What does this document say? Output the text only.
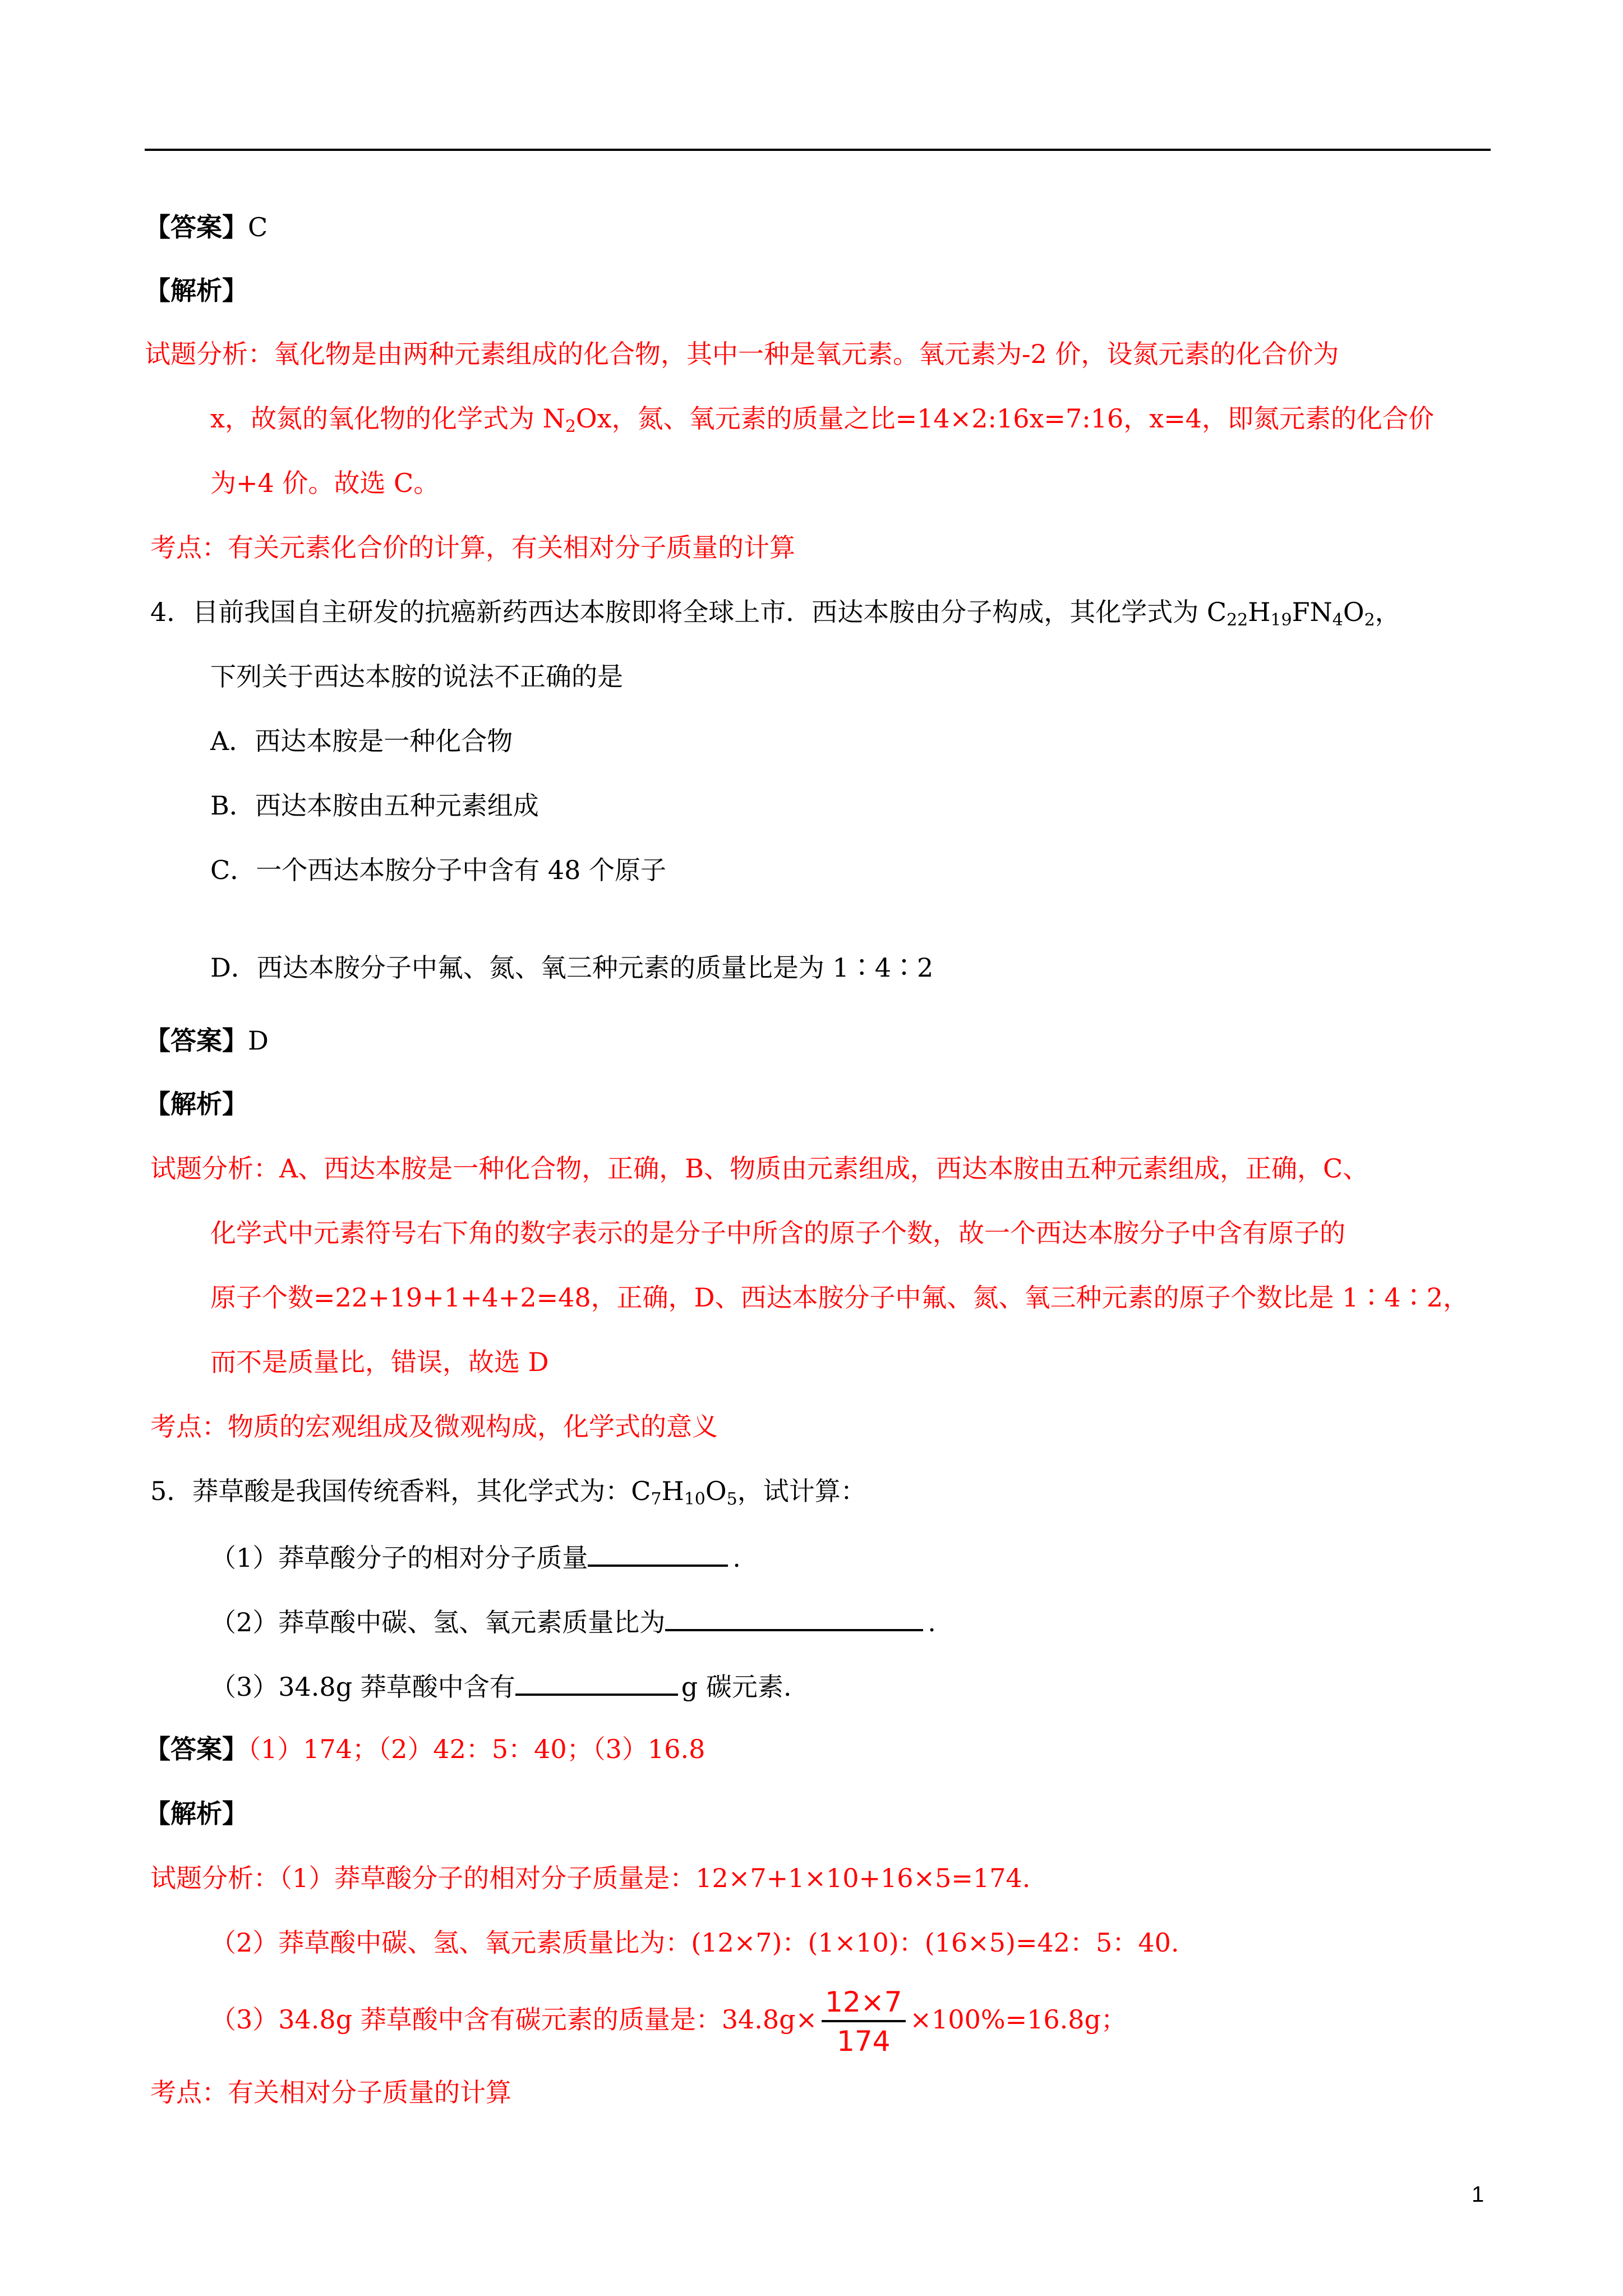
【答案】C
【解析】
试题分析：氧化物是由两种元素组成的化合物，其中一种是氧元素。氧元素为-2 价，设氮元素的化合价为
x，故氮的氧化物的化学式为 $N_2Ox$，氮、氧元素的质量之比=14×2:16x=7:16，x=4，即氮元素的化合价
为+4 价。故选 C。
考点：有关元素化合价的计算，有关相对分子质量的计算
4．目前我国自主研发的抗癌新药西达本胺即将全球上市．西达本胺由分子构成，其化学式为 $C_{22}H_{19}FN_4O_2$，
下列关于西达本胺的说法不正确的是
A．西达本胺是一种化合物
B．西达本胺由五种元素组成
C．一个西达本胺分子中含有 48 个原子
D．西达本胺分子中氟、氮、氧三种元素的质量比是为 1∶4∶2
【答案】D
【解析】
试题分析：A、西达本胺是一种化合物，正确，B、物质由元素组成，西达本胺由五种元素组成，正确，C、
化学式中元素符号右下角的数字表示的是分子中所含的原子个数，故一个西达本胺分子中含有原子的
原子个数=22+19+1+4+2=48，正确，D、西达本胺分子中氟、氮、氧三种元素的原子个数比是 1∶4∶2，
而不是质量比，错误，故选 D
考点：物质的宏观组成及微观构成，化学式的意义
5．莽草酸是我国传统香料，其化学式为：$C_7H_{10}O_5$，试计算：
（1）莽草酸分子的相对分子质量	.
（2）莽草酸中碳、氢、氧元素质量比为	.
（3）34.8g 莽草酸中含有	g 碳元素.
【答案】（1）174；（2）42：5：40；（3）16.8
【解析】
试题分析：（1）莽草酸分子的相对分子质量是：12×7+1×10+16×5=174.
（2）莽草酸中碳、氢、氧元素质量比为：(12×7)：(1×10)：(16×5)=42：5：40.
（3）34.8g 莽草酸中含有碳元素的质量是：$34.8g\times \frac{12\times 7}{174} \times 100\%=16.8g$；
考点：有关相对分子质量的计算
1
